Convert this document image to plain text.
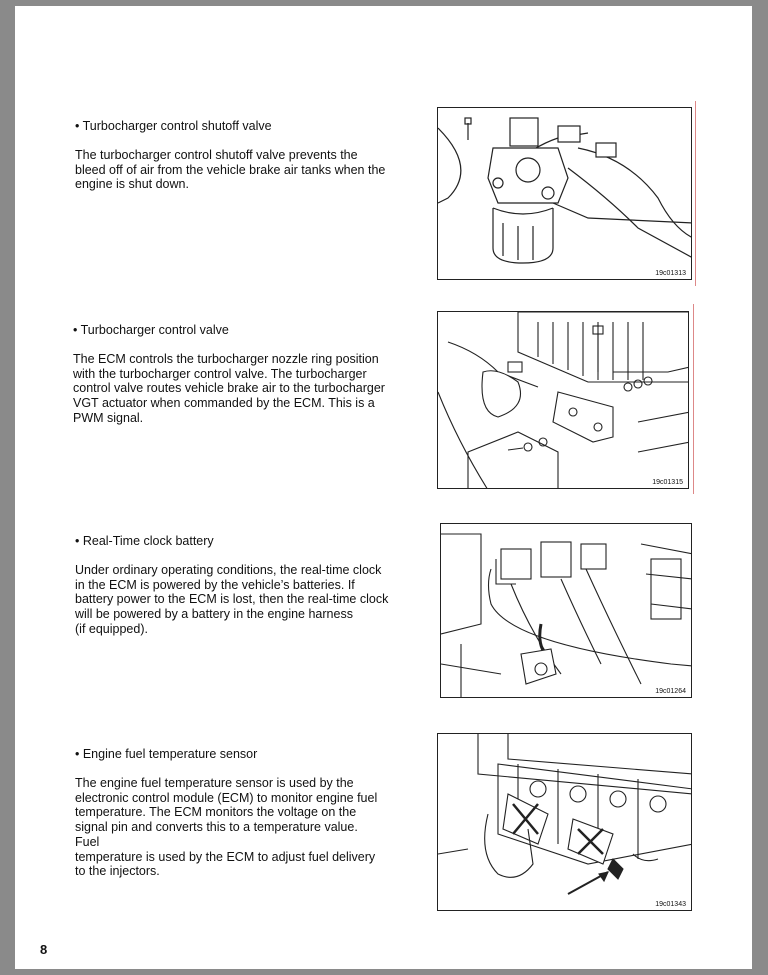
• Turbocharger control shutoff valve
The turbocharger control shutoff valve prevents the
bleed off of air from the vehicle brake air tanks when the
engine is shut down.
19c01313
• Turbocharger control valve
The ECM controls the turbocharger nozzle ring position
with the turbocharger control valve. The turbocharger
control valve routes vehicle brake air to the turbocharger
VGT actuator when commanded by the ECM. This is a
PWM signal.
19c01315
• Real-Time clock battery
Under ordinary operating conditions, the real-time clock
in the ECM is powered by the vehicle’s batteries. If
battery power to the ECM is lost, then the real-time clock
will be powered by a battery in the engine harness
(if equipped).
19c01264
• Engine fuel temperature sensor
The engine fuel temperature sensor is used by the
electronic control module (ECM) to monitor engine fuel
temperature. The ECM monitors the voltage on the
signal pin and converts this to a temperature value. Fuel
temperature is used by the ECM to adjust fuel delivery
to the injectors.
19c01343
8
